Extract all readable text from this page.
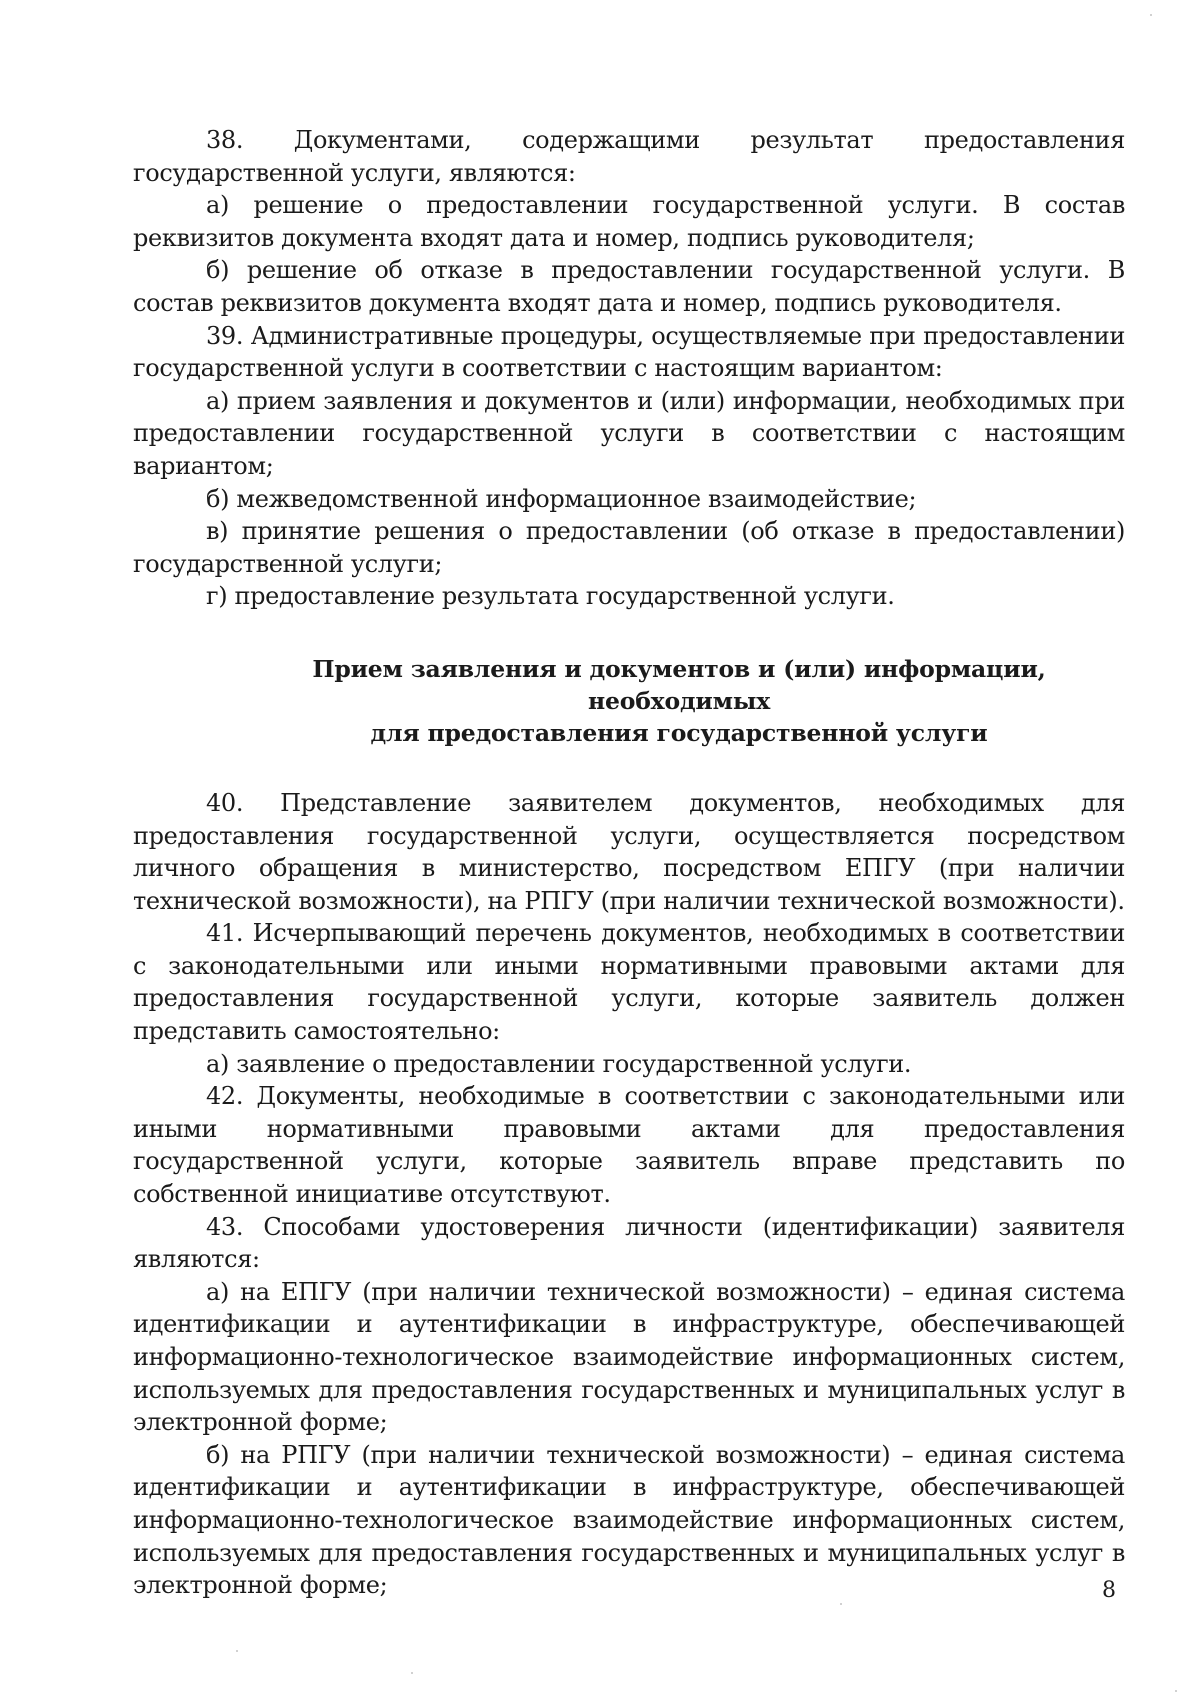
38. Документами, содержащими результат предоставления государственной услуги, являются:

а) решение о предоставлении государственной услуги. В состав реквизитов документа входят дата и номер, подпись руководителя;

б) решение об отказе в предоставлении государственной услуги. В состав реквизитов документа входят дата и номер, подпись руководителя.

39. Административные процедуры, осуществляемые при предоставлении государственной услуги в соответствии с настоящим вариантом:

а) прием заявления и документов и (или) информации, необходимых при предоставлении государственной услуги в соответствии с настоящим вариантом;

б) межведомственной информационное взаимодействие;

в) принятие решения о предоставлении (об отказе в предоставлении) государственной услуги;

г) предоставление результата государственной услуги.

Прием заявления и документов и (или) информации, необходимых
для предоставления государственной услуги

40. Представление заявителем документов, необходимых для предоставления государственной услуги, осуществляется посредством личного обращения в министерство, посредством ЕПГУ (при наличии технической возможности), на РПГУ (при наличии технической возможности).

41. Исчерпывающий перечень документов, необходимых в соответствии с законодательными или иными нормативными правовыми актами для предоставления государственной услуги, которые заявитель должен представить самостоятельно:

а) заявление о предоставлении государственной услуги.

42. Документы, необходимые в соответствии с законодательными или иными нормативными правовыми актами для предоставления государственной услуги, которые заявитель вправе представить по собственной инициативе отсутствуют.

43. Способами удостоверения личности (идентификации) заявителя являются:

а) на ЕПГУ (при наличии технической возможности) – единая система идентификации и аутентификации в инфраструктуре, обеспечивающей информационно-технологическое взаимодействие информационных систем, используемых для предоставления государственных и муниципальных услуг в электронной форме;

б) на РПГУ (при наличии технической возможности) – единая система идентификации и аутентификации в инфраструктуре, обеспечивающей информационно-технологическое взаимодействие информационных систем, используемых для предоставления государственных и муниципальных услуг в электронной форме;	8
